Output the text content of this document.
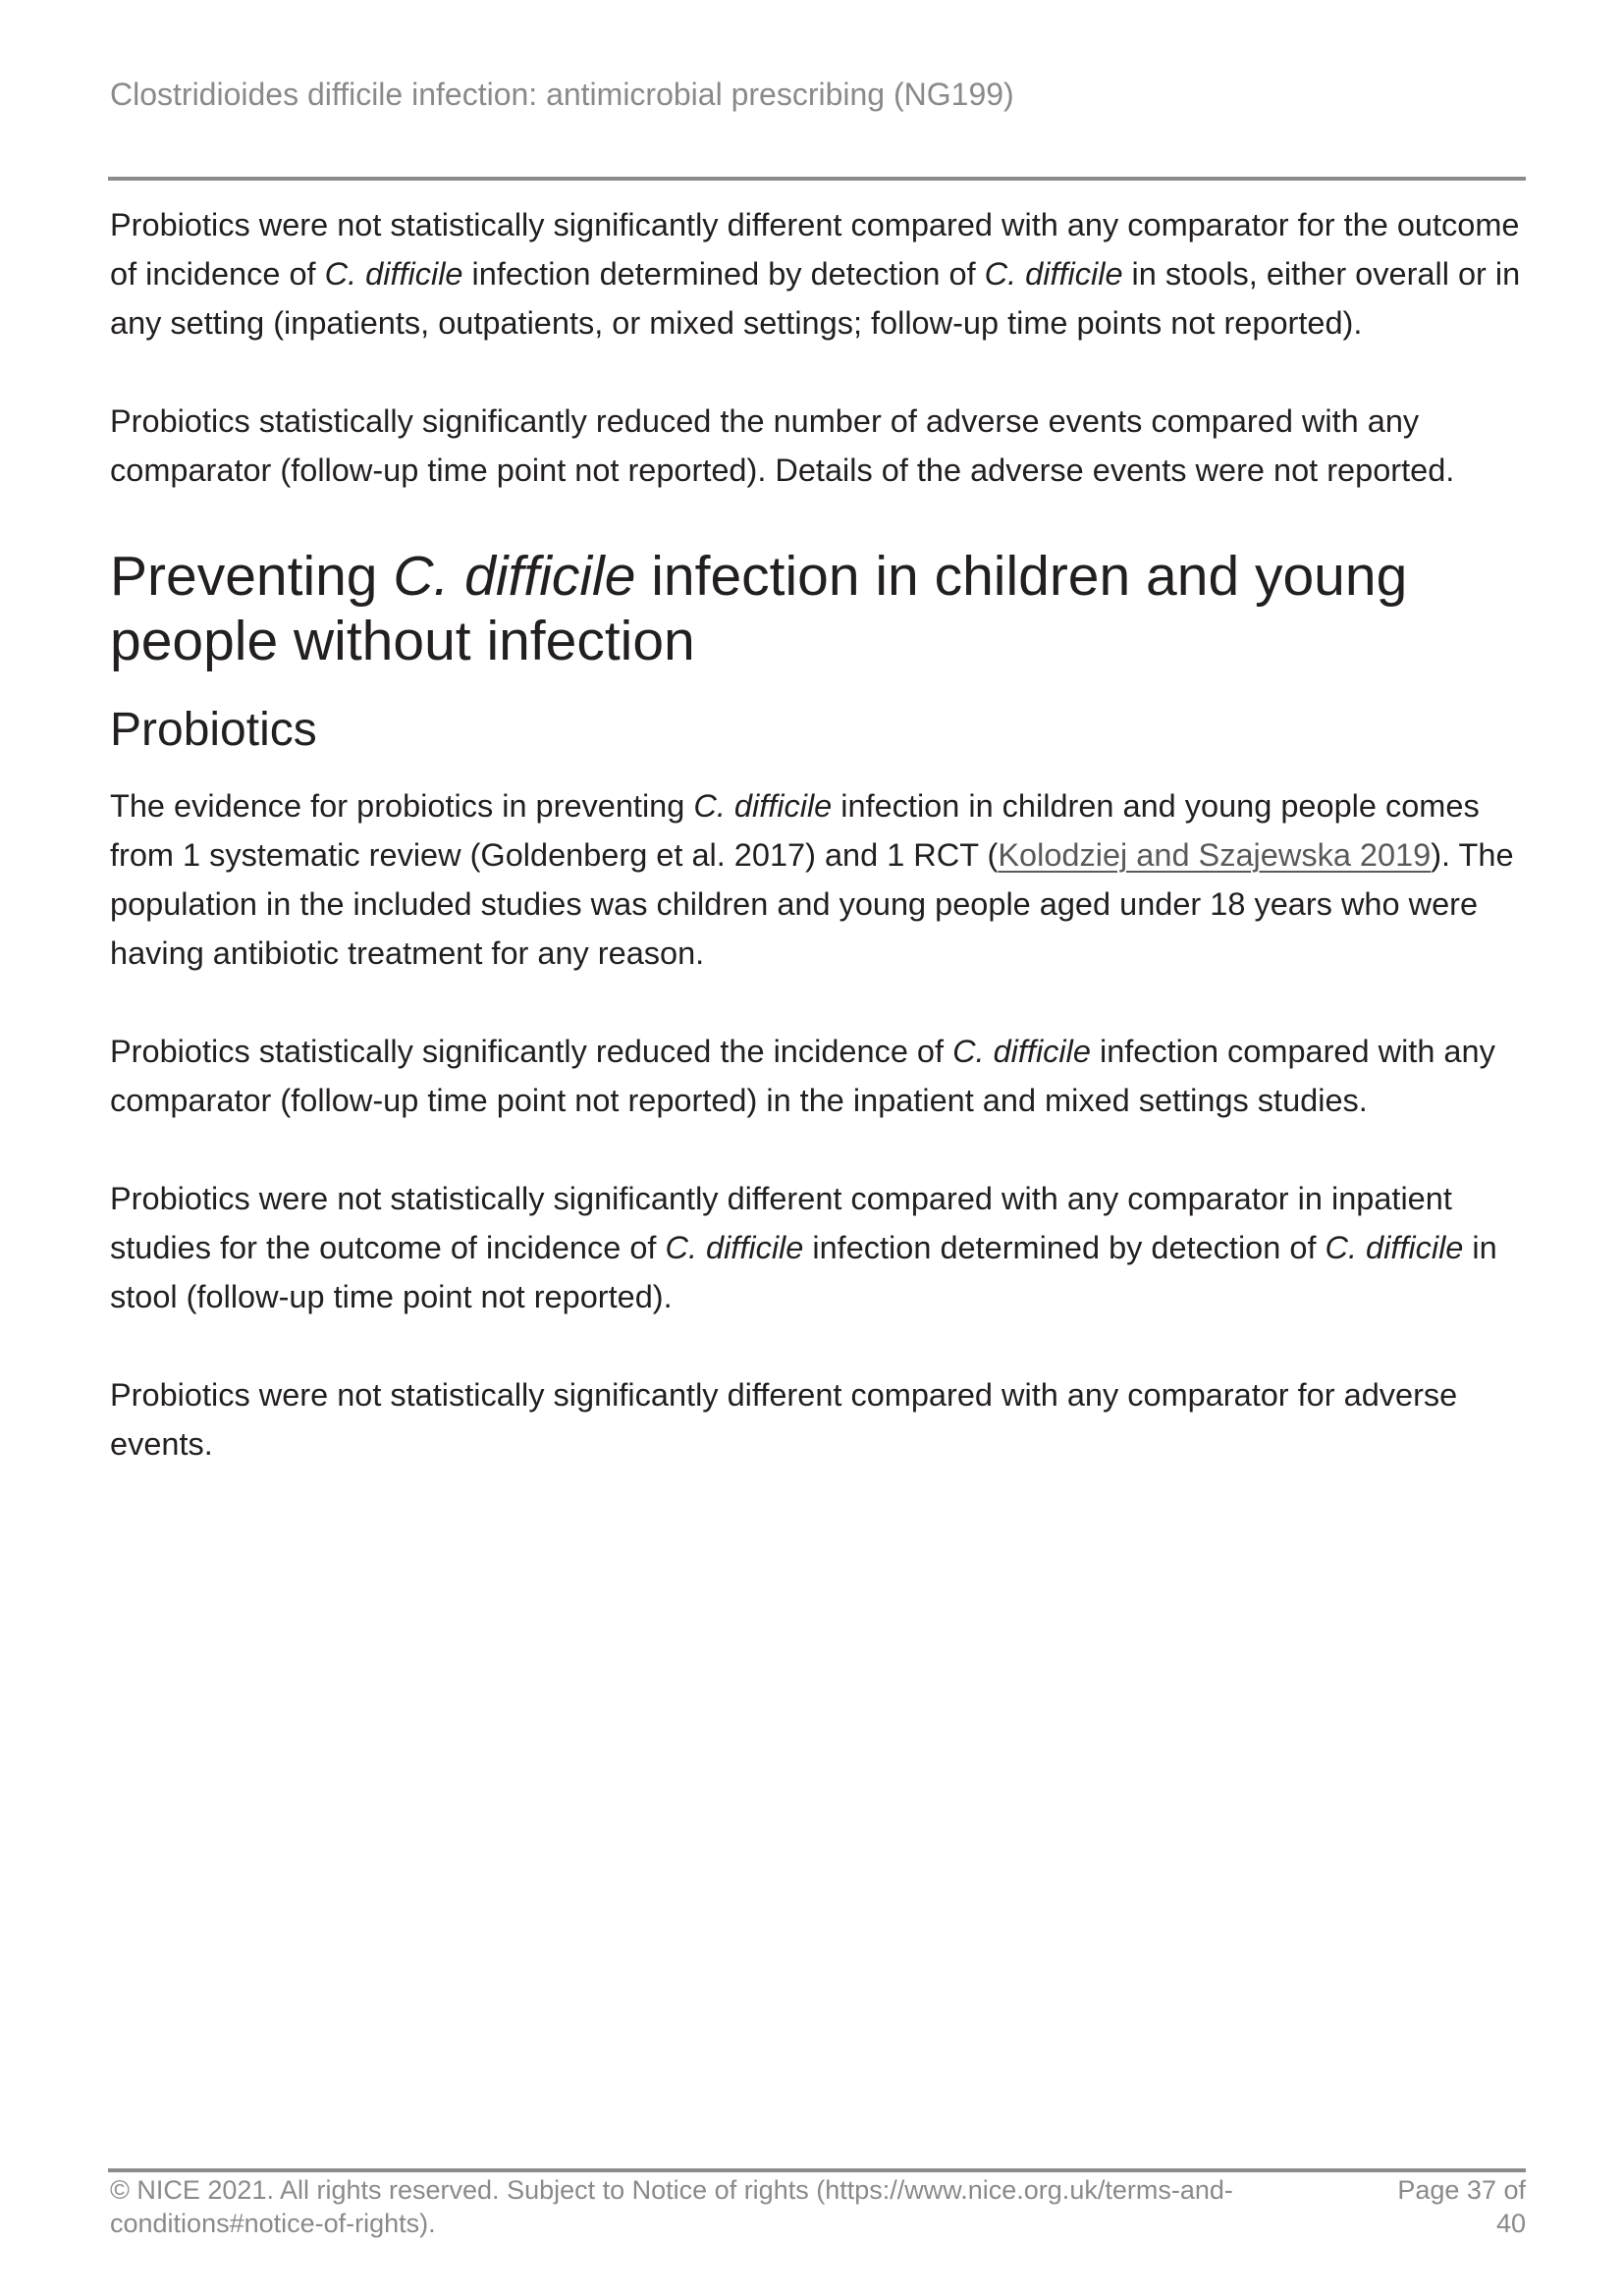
Clostridioides difficile infection: antimicrobial prescribing (NG199)

Probiotics were not statistically significantly different compared with any comparator for the outcome of incidence of C. difficile infection determined by detection of C. difficile in stools, either overall or in any setting (inpatients, outpatients, or mixed settings; follow-up time points not reported).

Probiotics statistically significantly reduced the number of adverse events compared with any comparator (follow-up time point not reported). Details of the adverse events were not reported.

Preventing C. difficile infection in children and young people without infection
Probiotics

The evidence for probiotics in preventing C. difficile infection in children and young people comes from 1 systematic review (Goldenberg et al. 2017) and 1 RCT (Kolodziej and Szajewska 2019). The population in the included studies was children and young people aged under 18 years who were having antibiotic treatment for any reason.

Probiotics statistically significantly reduced the incidence of C. difficile infection compared with any comparator (follow-up time point not reported) in the inpatient and mixed settings studies.

Probiotics were not statistically significantly different compared with any comparator in inpatient studies for the outcome of incidence of C. difficile infection determined by detection of C. difficile in stool (follow-up time point not reported).

Probiotics were not statistically significantly different compared with any comparator for adverse events.

© NICE 2021. All rights reserved. Subject to Notice of rights (https://www.nice.org.uk/terms-and-conditions#notice-of-rights).
Page 37 of 40
